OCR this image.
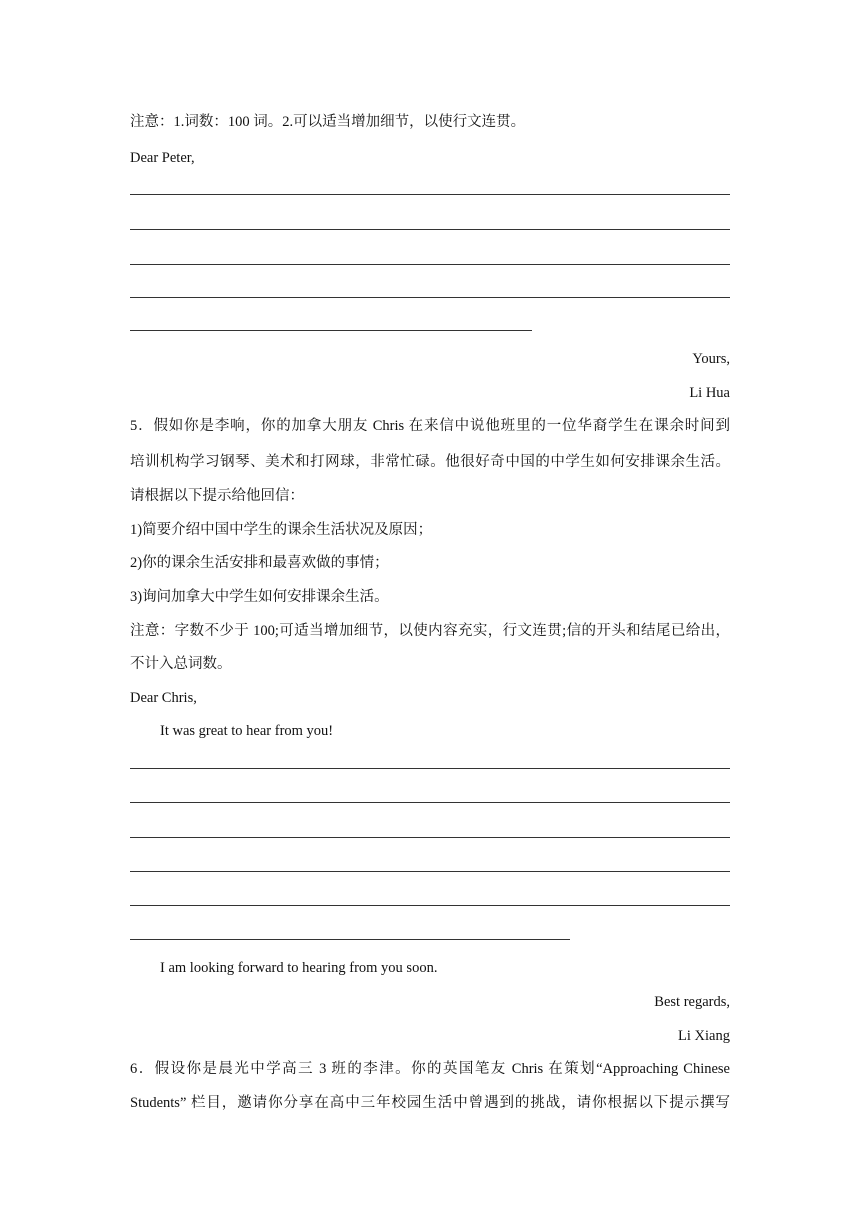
注意：1.词数：100 词。2.可以适当增加细节，以使行文连贯。
Dear Peter,
Yours,
Li Hua
5．假如你是李响，你的加拿大朋友 Chris 在来信中说他班里的一位华裔学生在课余时间到
培训机构学习钢琴、美术和打网球，非常忙碌。他很好奇中国的中学生如何安排课余生活。
请根据以下提示给他回信：
1)简要介绍中国中学生的课余生活状况及原因；
2)你的课余生活安排和最喜欢做的事情；
3)询问加拿大中学生如何安排课余生活。
注意：字数不少于 100;可适当增加细节，以使内容充实，行文连贯;信的开头和结尾已给出，
不计入总词数。
Dear Chris,
It was great to hear from you!
I am looking forward to hearing from you soon.
Best regards,
Li Xiang
6．假设你是晨光中学高三 3 班的李津。你的英国笔友 Chris 在策划“Approaching Chinese
Students” 栏目，邀请你分享在高中三年校园生活中曾遇到的挑战，请你根据以下提示撰写
